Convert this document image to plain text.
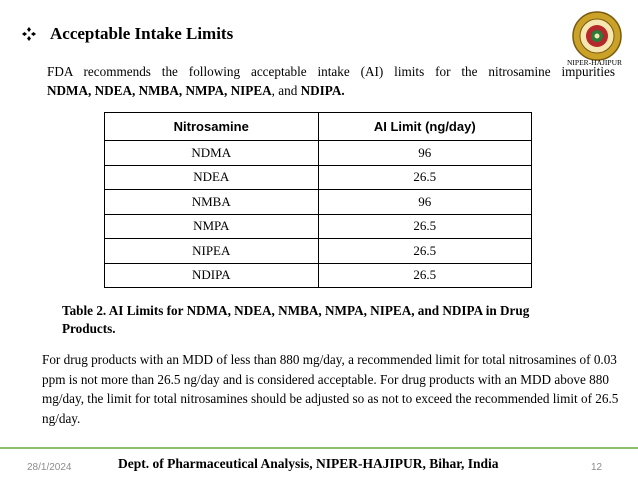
Acceptable Intake Limits
NIPER-HAJIPUR
FDA recommends the following acceptable intake (AI) limits for the nitrosamine impurities
NDMA, NDEA, NMBA, NMPA, NIPEA, and NDIPA.
Nitrosamine	AI Limit (ng/day)
NDMA	96
NDEA	26.5
NMBA	96
NMPA	26.5
NIPEA	26.5
NDIPA	26.5
Table 2. AI Limits for NDMA, NDEA, NMBA, NMPA, NIPEA, and NDIPA in Drug Products.
For drug products with an MDD of less than 880 mg/day, a recommended limit for total nitrosamines of 0.03 ppm is not more than 26.5 ng/day and is considered acceptable. For drug products with an MDD above 880 mg/day, the limit for total nitrosamines should be adjusted so as not to exceed the recommended limit of 26.5 ng/day.
28/1/2024	Dept. of Pharmaceutical Analysis, NIPER-HAJIPUR, Bihar, India	12
